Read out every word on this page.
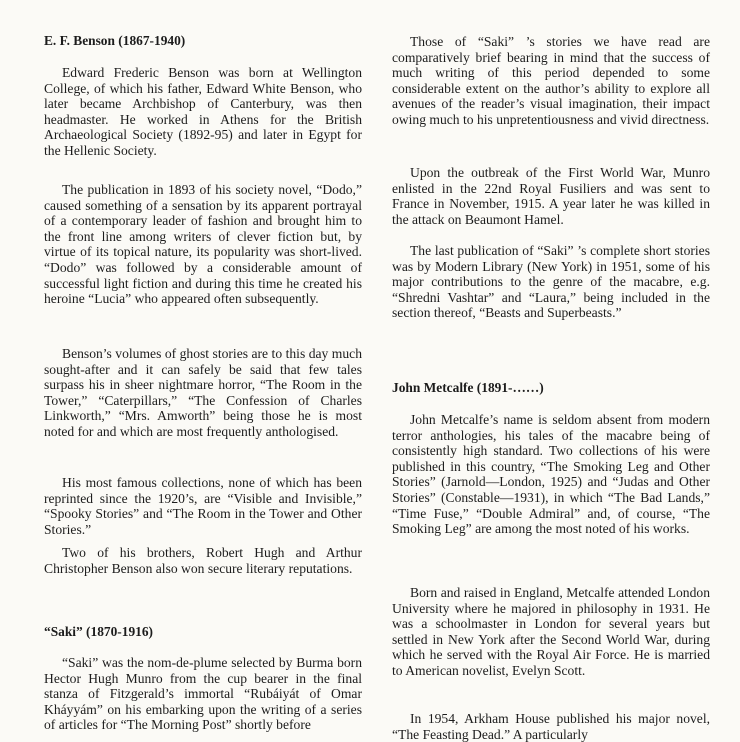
E. F. Benson (1867-1940)

Edward Frederic Benson was born at Wellington College, of which his father, Edward White Benson, who later became Archbishop of Canterbury, was then headmaster. He worked in Athens for the British Archaeological Society (1892-95) and later in Egypt for the Hellenic Society.

The publication in 1893 of his society novel, “Dodo,” caused something of a sensation by its apparent portrayal of a contemporary leader of fashion and brought him to the front line among writers of clever fiction but, by virtue of its topical nature, its popularity was short-lived. “Dodo” was followed by a considerable amount of successful light fiction and during this time he created his heroine “Lucia” who appeared often subsequently.

Benson’s volumes of ghost stories are to this day much sought-after and it can safely be said that few tales surpass his in sheer nightmare horror, “The Room in the Tower,” “Caterpillars,” “The Confession of Charles Linkworth,” “Mrs. Amworth” being those he is most noted for and which are most frequently anthologised.

His most famous collections, none of which has been reprinted since the 1920’s, are “Visible and Invisible,” “Spooky Stories” and “The Room in the Tower and Other Stories.”

Two of his brothers, Robert Hugh and Arthur Christopher Benson also won secure literary reputations.

“Saki” (1870-1916)

“Saki” was the nom-de-plume selected by Burma born Hector Hugh Munro from the cup bearer in the final stanza of Fitzgerald’s immortal “Rubáiyát of Omar Kháyyám” on his embarking upon the writing of a series of articles for “The Morning Post” shortly before

Those of “Saki” ’s stories we have read are comparatively brief bearing in mind that the success of much writing of this period depended to some considerable extent on the author’s ability to explore all avenues of the reader’s visual imagination, their impact owing much to his unpretentiousness and vivid directness.

Upon the outbreak of the First World War, Munro enlisted in the 22nd Royal Fusiliers and was sent to France in November, 1915. A year later he was killed in the attack on Beaumont Hamel.

The last publication of “Saki” ’s complete short stories was by Modern Library (New York) in 1951, some of his major contributions to the genre of the macabre, e.g. “Shredni Vashtar” and “Laura,” being included in the section thereof, “Beasts and Superbeasts.”

John Metcalfe (1891-……)

John Metcalfe’s name is seldom absent from modern terror anthologies, his tales of the macabre being of consistently high standard. Two collections of his were published in this country, “The Smoking Leg and Other Stories” (Jarnold—London, 1925) and “Judas and Other Stories” (Constable—1931), in which “The Bad Lands,” “Time Fuse,” “Double Admiral” and, of course, “The Smoking Leg” are among the most noted of his works.

Born and raised in England, Metcalfe attended London University where he majored in philosophy in 1931. He was a schoolmaster in London for several years but settled in New York after the Second World War, during which he served with the Royal Air Force. He is married to American novelist, Evelyn Scott.

In 1954, Arkham House published his major novel, “The Feasting Dead.” A particularly
